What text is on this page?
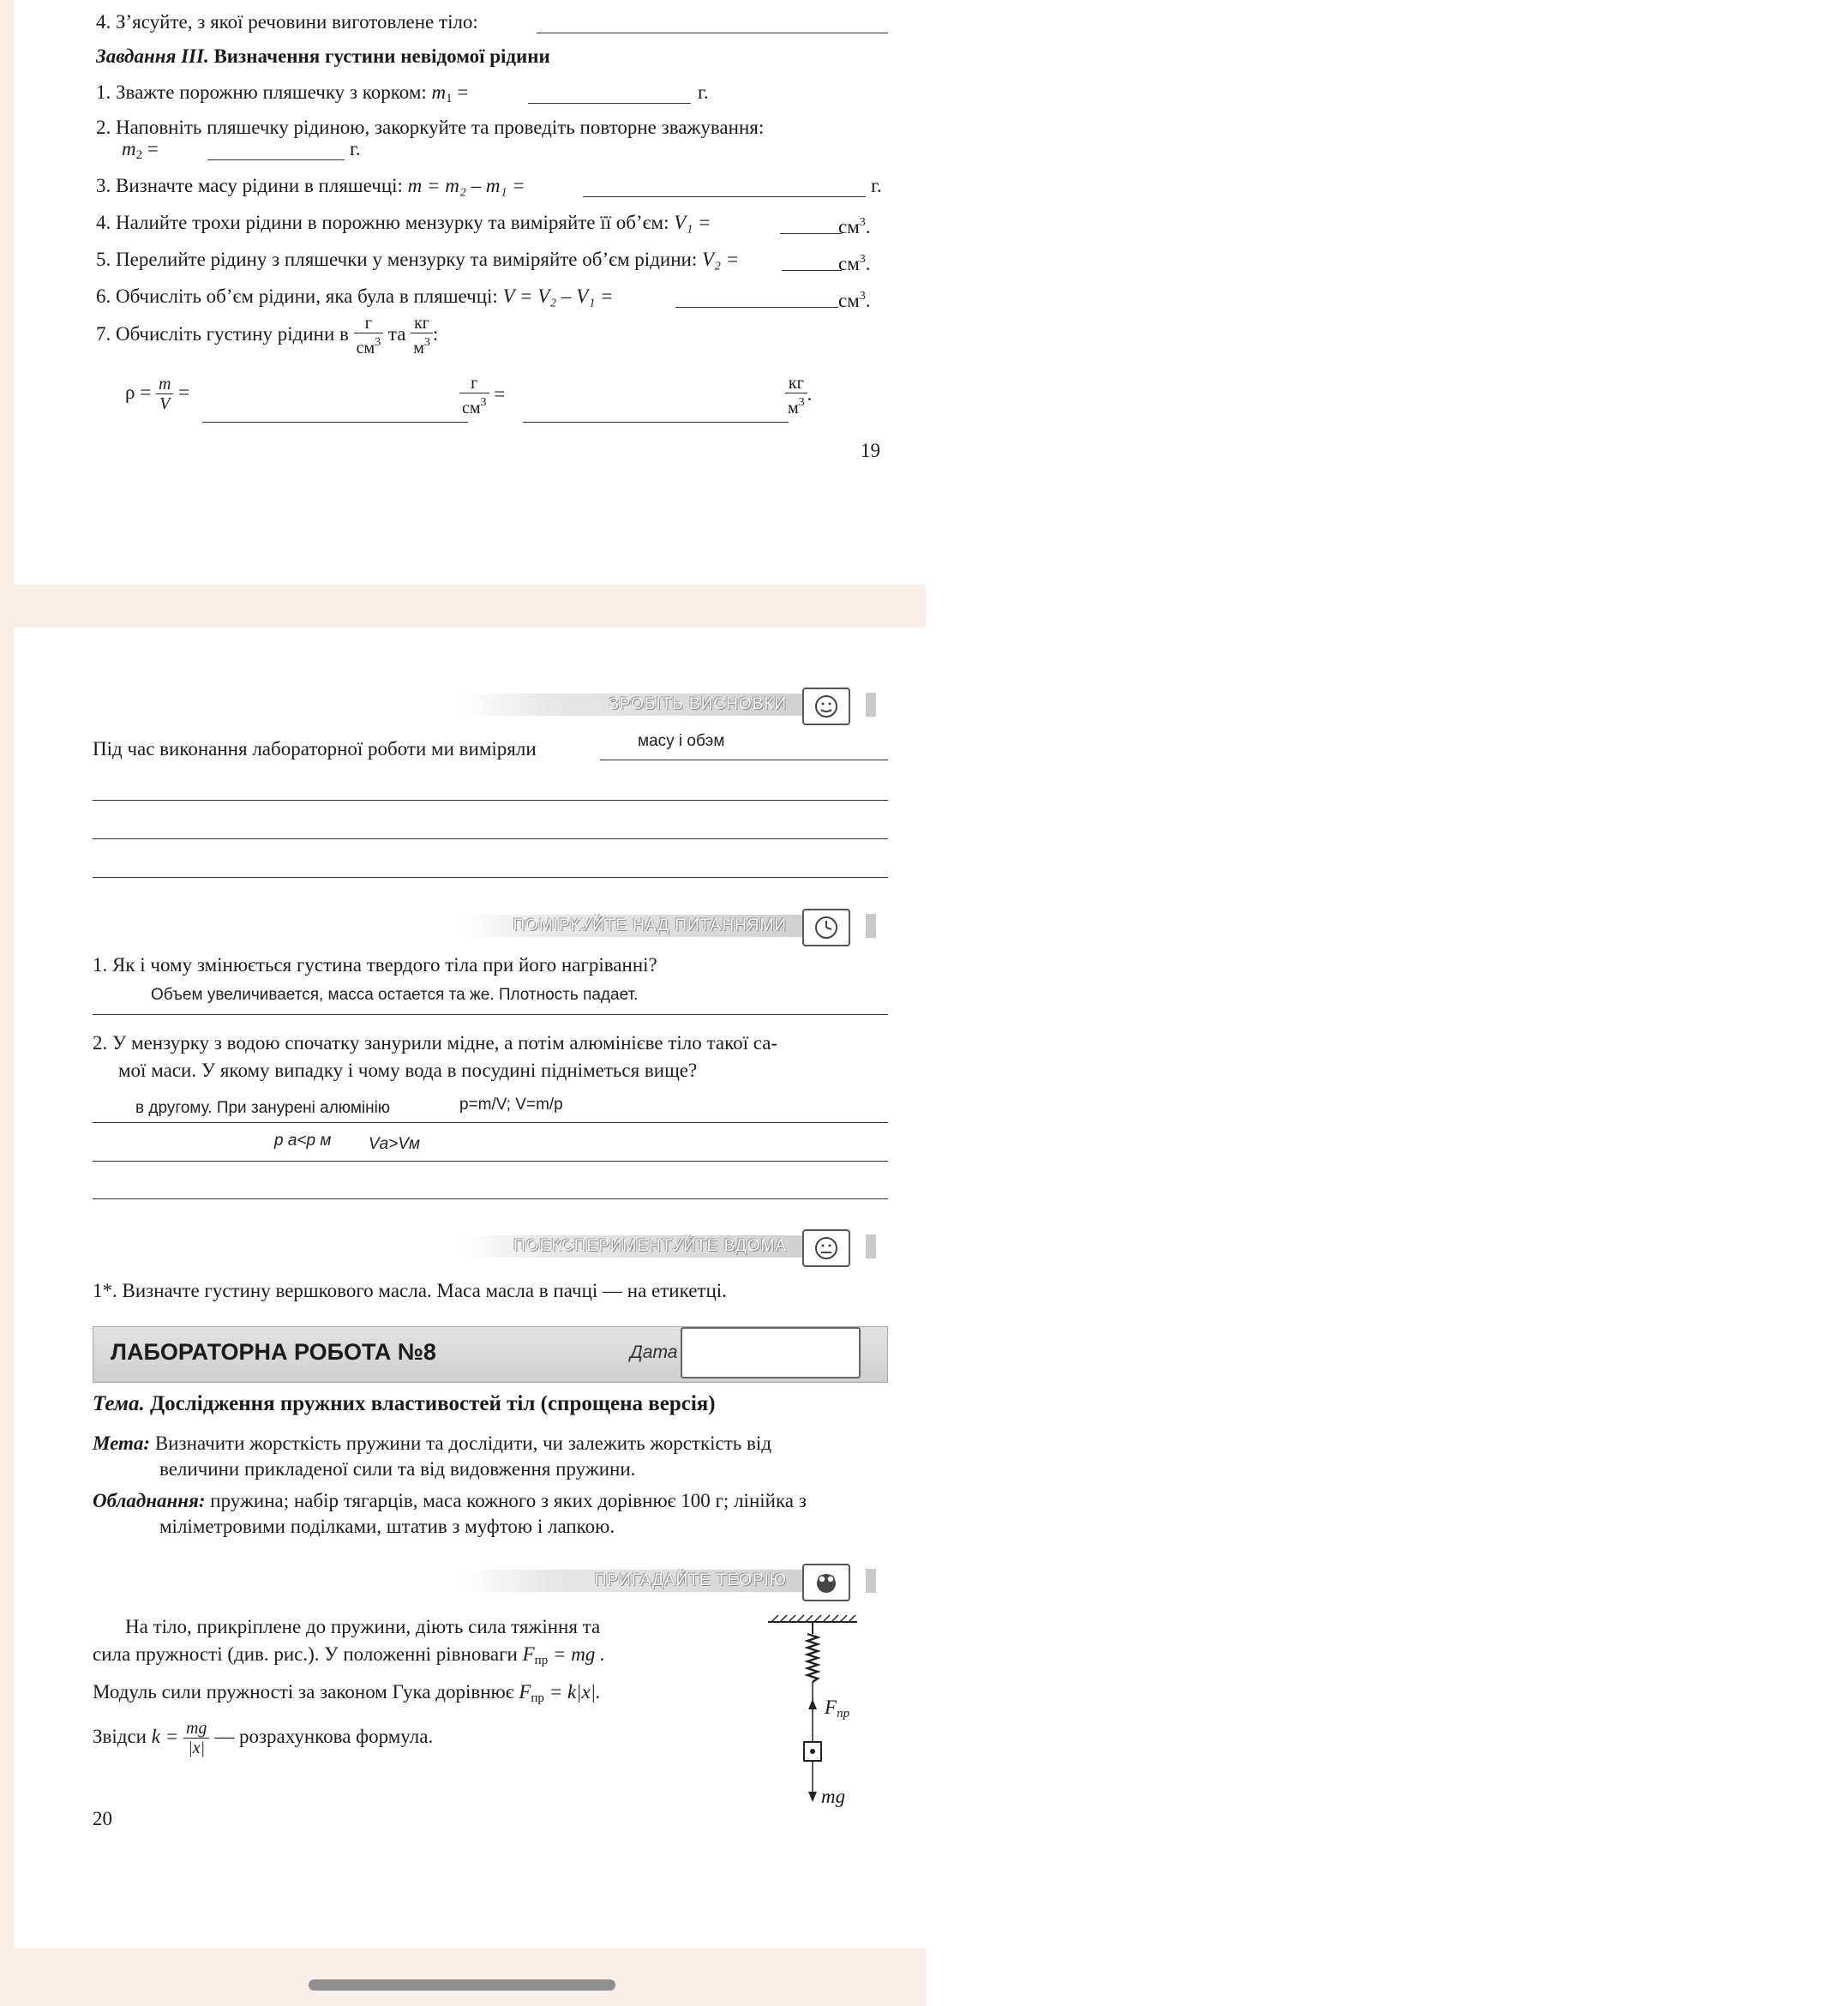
4. З’ясуйте, з якої речовини виготовлене тіло:
Завдання III. Визначення густини невідомої рідини
1. Зважте порожню пляшечку з корком: $m_1$ =	г.
2. Наповніть пляшечку рідиною, закоркуйте та проведіть повторне зважування:
$m_2$ =	г.
3. Визначте масу рідини в пляшечці: m = m₂ – m₁ =	г.
4. Налийте трохи рідини в порожню мензурку та виміряйте її об’єм: V₁ =	$см^3$.
5. Перелийте рідину з пляшечки у мензурку та виміряйте об’єм рідини: V₂ =	$см^3$.
6. Обчисліть об’єм рідини, яка була в пляшечці: V = V₂ – V₁ =	$см^3$.
7. Обчисліть густину рідини в $\frac{г}{см^3}$ та $\frac{кг}{м^3}$ :
$\rho = \frac{m}{V}$ =	$\frac{г}{см^3}$ =	$\frac{кг}{м^3}$ .
19
ЗРОБІТЬ ВИСНОВКИ
Під час виконання лабораторної роботи ми виміряли	масу і обэм
ПОМІРКУЙТЕ НАД ПИТАННЯМИ
1. Як і чому змінюється густина твердого тіла при його нагріванні?
Объем увеличивается, масса остается та же. Плотность падает.
2. У мензурку з водою спочатку занурили мідне, а потім алюмінієве тіло такої са-
мої маси. У якому випадку і чому вода в посудині підніметься вище?
в другому. При занурені алюмінію	p=m/V; V=m/p
р а<р м Vа>Vм
ПОЕКСПЕРИМЕНТУЙТЕ ВДОМА
1*. Визначте густину вершкового масла. Маса масла в пачці — на етикетці.
ЛАБОРАТОРНА РОБОТА №8	Дата
Тема. Дослідження пружних властивостей тіл (спрощена версія)
Мета: Визначити жорсткість пружини та дослідити, чи залежить жорсткість від
величини прикладеної сили та від видовження пружини.
Обладнання: пружина; набір тягарців, маса кожного з яких дорівнює 100 г; лінійка з
міліметровими поділками, штатив з муфтою і лапкою.
ПРИГАДАЙТЕ ТЕОРІЮ
На тіло, прикріплене до пружини, діють сила тяжіння та
сила пружності (див. рис.). У положенні рівноваги $F_{пр}$ = mg .
Модуль сили пружності за законом Гука дорівнює $F_{пр} = k|x|$.
Звідси $k = \frac{mg}{|x|}$ — розрахункова формула.
$F_{пр}$
mg
20
